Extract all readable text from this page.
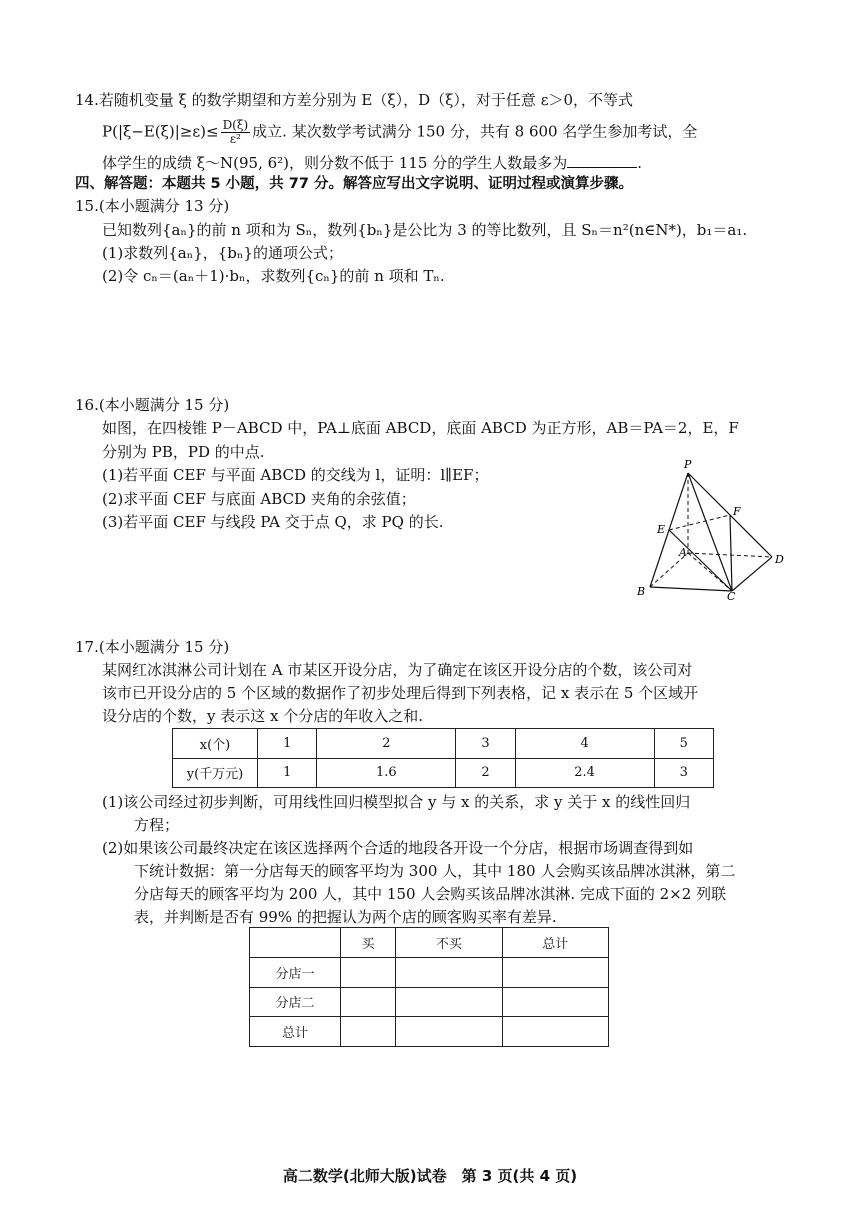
14.若随机变量 ξ 的数学期望和方差分别为 E（ξ），D（ξ），对于任意 ε＞0，不等式
$P(|\xi-E(\xi)|\ge\varepsilon)\le \frac{D(\xi)}{\text{ε²}}$ 成立. 某次数学考试满分 150 分，共有 8 600 名学生参加考试，全
体学生的成绩 ξ～N(95, 6²)，则分数不低于 115 分的学生人数最多为	.
四、解答题：本题共 5 小题，共 77 分。解答应写出文字说明、证明过程或演算步骤。
15.(本小题满分 13 分)
已知数列{aₙ}的前 n 项和为 Sₙ，数列{bₙ}是公比为 3 的等比数列，且 Sₙ＝n²(n∈N*)，b₁＝a₁.
(1)求数列{aₙ}，{bₙ}的通项公式；
(2)令 cₙ＝(aₙ＋1)·bₙ，求数列{cₙ}的前 n 项和 Tₙ.
16.(本小题满分 15 分)
如图，在四棱锥 P－ABCD 中，PA⊥底面 ABCD，底面 ABCD 为正方形，AB＝PA＝2，E，F
分别为 PB，PD 的中点.
(1)若平面 CEF 与平面 ABCD 的交线为 l，证明：l∥EF；
(2)求平面 CEF 与底面 ABCD 夹角的余弦值；
(3)若平面 CEF 与线段 PA 交于点 Q，求 PQ 的长.
P
E
F
A
D
B	C
17.(本小题满分 15 分)
某网红冰淇淋公司计划在 A 市某区开设分店，为了确定在该区开设分店的个数，该公司对
该市已开设分店的 5 个区域的数据作了初步处理后得到下列表格，记 x 表示在 5 个区域开
设分店的个数，y 表示这 x 个分店的年收入之和.
x(个)	1	2	3	4	5
y(千万元)	1	1.6	2	2.4	3
(1)该公司经过初步判断，可用线性回归模型拟合 y 与 x 的关系，求 y 关于 x 的线性回归
方程；
(2)如果该公司最终决定在该区选择两个合适的地段各开设一个分店，根据市场调查得到如
下统计数据：第一分店每天的顾客平均为 300 人，其中 180 人会购买该品牌冰淇淋，第二
分店每天的顾客平均为 200 人，其中 150 人会购买该品牌冰淇淋. 完成下面的 2×2 列联
表，并判断是否有 99% 的把握认为两个店的顾客购买率有差异.
	买	不买	总计
分店一			
分店二			
总计			
高二数学(北师大版)试卷　第 3 页(共 4 页)
